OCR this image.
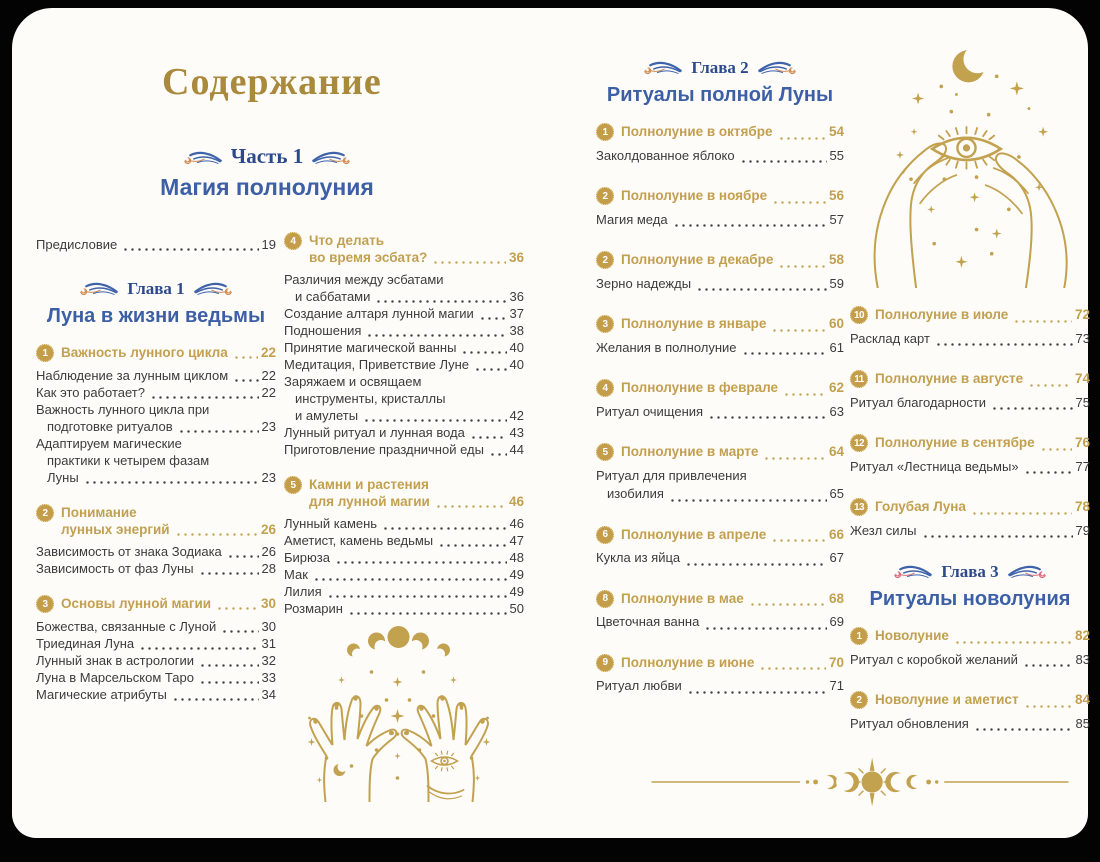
Содержание
Часть 1
Магия полнолуния
Предисловие	19
Глава 1
Луна в жизни ведьмы
1 Важность лунного цикла 22
Наблюдение за лунным циклом	22
Как это работает?	22
Важность лунного цикла при
подготовке ритуалов	23
Адаптируем магические
практики к четырем фазам
Луны	23
2 Понимание
лунных энергий	26
Зависимость от знака Зодиака	26
Зависимость от фаз Луны	28
3 Основы лунной магии	30
Божества, связанные с Луной	30
Триединая Луна	31
Лунный знак в астрологии	32
Луна в Марсельском Таро	33
Магические атрибуты	34
4 Что делать
во время эсбата?	36
Различия между эсбатами
и саббатами	36
Создание алтаря лунной магии	37
Подношения	38
Принятие магической ванны	40
Медитация, Приветствие Луне	40
Заряжаем и освящаем
инструменты, кристаллы
и амулеты	42
Лунный ритуал и лунная вода	43
Приготовление праздничной еды 44
5 Камни и растения
для лунной магии	46
Лунный камень	46
Аметист, камень ведьмы	47
Бирюза	48
Мак	49
Лилия	49
Розмарин	50
Глава 2
Ритуалы полной Луны
1 Полнолуние в октябре	54
Заколдованное яблоко	55
2 Полнолуние в ноябре	56
Магия меда	57
2 Полнолуние в декабре	58
Зерно надежды	59
3 Полнолуние в январе	60
Желания в полнолуние	61
4 Полнолуние в феврале	62
Ритуал очищения	63
5 Полнолуние в марте	64
Ритуал для привлечения
изобилия	65
6 Полнолуние в апреле	66
Кукла из яйца	67
8 Полнолуние в мае	68
Цветочная ванна	69
9 Полнолуние в июне	70
Ритуал любви	71
10 Полнолуние в июле	72
Расклад карт	73
11 Полнолуние в августе	74
Ритуал благодарности	75
12 Полнолуние в сентябре	76
Ритуал «Лестница ведьмы»	77
13 Голубая Луна	78
Жезл силы	79
Глава 3
Ритуалы новолуния
1 Новолуние	82
Ритуал с коробкой желаний	83
2 Новолуние и аметист	84
Ритуал обновления	85
